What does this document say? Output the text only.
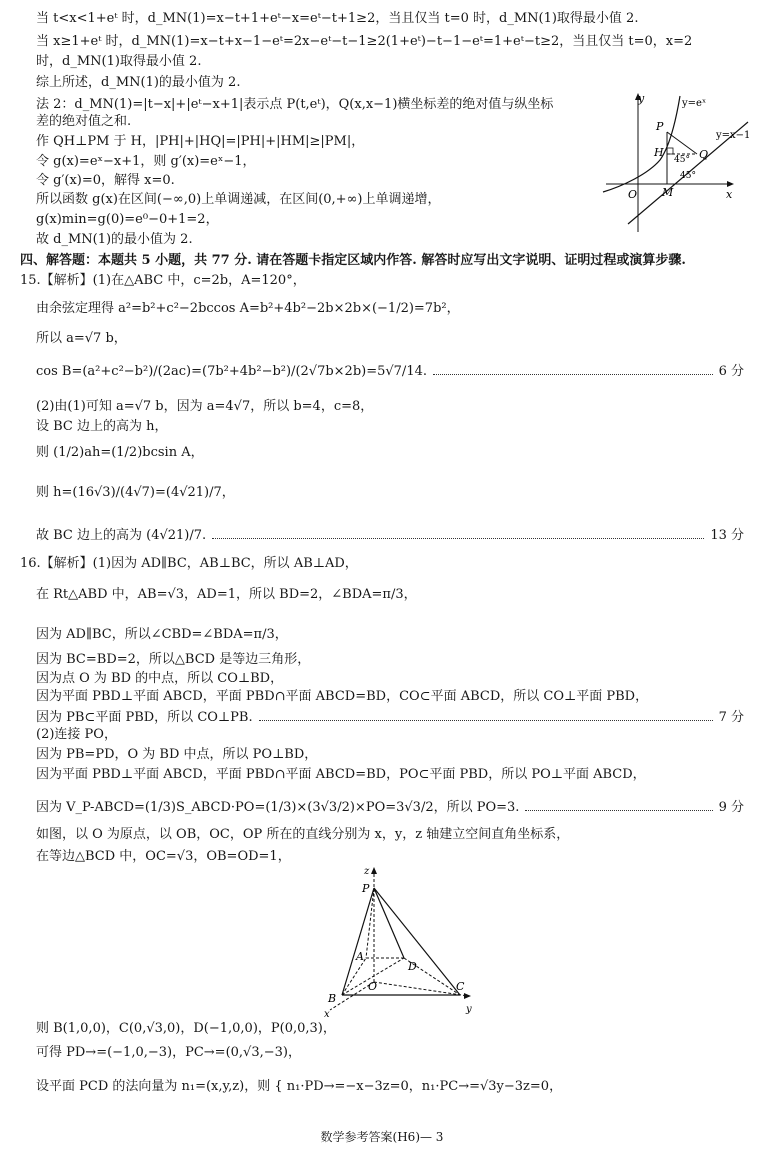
当 t<x<1+eᵗ 时，d_MN(1)=x−t+1+eᵗ−x=eᵗ−t+1≥2，当且仅当 t=0 时，d_MN(1)取得最小值 2.
当 x≥1+eᵗ 时，d_MN(1)=x−t+x−1−eᵗ=2x−eᵗ−t−1≥2(1+eᵗ)−t−1−eᵗ=1+eᵗ−t≥2，当且仅当 t=0，x=2
时，d_MN(1)取得最小值 2.
综上所述，d_MN(1)的最小值为 2.
法 2：d_MN(1)=|t−x|+|eᵗ−x+1|表示点 P(t,eᵗ)，Q(x,x−1)横坐标差的绝对值与纵坐标
差的绝对值之和.
作 QH⊥PM 于 H，|PH|+|HQ|=|PH|+|HM|≥|PM|，
令 g(x)=eˣ−x+1，则 g′(x)=eˣ−1，
令 g′(x)=0，解得 x=0.
所以函数 g(x)在区间(−∞,0)上单调递减，在区间(0,+∞)上单调递增，
g(x)min=g(0)=e⁰−0+1=2，
故 d_MN(1)的最小值为 2.
y
x
O
y=eˣ
y=x−1
P
H	Q
M
45°
45°
四、解答题：本题共 5 小题，共 77 分. 请在答题卡指定区域内作答. 解答时应写出文字说明、证明过程或演算步骤.
15.【解析】(1)在△ABC 中，c=2b，A=120°，
由余弦定理得 a²=b²+c²−2bccos A=b²+4b²−2b×2b×(−1/2)=7b²，
所以 a=√7 b，
cos B=(a²+c²−b²)/(2ac)=(7b²+4b²−b²)/(2√7b×2b)=5√7/14.	6 分
(2)由(1)可知 a=√7 b，因为 a=4√7，所以 b=4，c=8，
设 BC 边上的高为 h，
则 (1/2)ah=(1/2)bcsin A，
则 h=(16√3)/(4√7)=(4√21)/7，
故 BC 边上的高为 (4√21)/7.	13 分
16.【解析】(1)因为 AD∥BC，AB⊥BC，所以 AB⊥AD，
在 Rt△ABD 中，AB=√3，AD=1，所以 BD=2，∠BDA=π/3，
因为 AD∥BC，所以∠CBD=∠BDA=π/3，
因为 BC=BD=2，所以△BCD 是等边三角形，
因为点 O 为 BD 的中点，所以 CO⊥BD，
因为平面 PBD⊥平面 ABCD，平面 PBD∩平面 ABCD=BD，CO⊂平面 ABCD，所以 CO⊥平面 PBD，
因为 PB⊂平面 PBD，所以 CO⊥PB.	7 分
(2)连接 PO，
因为 PB=PD，O 为 BD 中点，所以 PO⊥BD，
因为平面 PBD⊥平面 ABCD，平面 PBD∩平面 ABCD=BD，PO⊂平面 PBD，所以 PO⊥平面 ABCD，
因为 V_P-ABCD=(1/3)S_ABCD·PO=(1/3)×(3√3/2)×PO=3√3/2，所以 PO=3.	9 分
如图，以 O 为原点，以 OB，OC，OP 所在的直线分别为 x，y，z 轴建立空间直角坐标系，
在等边△BCD 中，OC=√3，OB=OD=1，
z
P
A
D
O
B
C
x	y
则 B(1,0,0)，C(0,√3,0)，D(−1,0,0)，P(0,0,3)，
可得 PD→=(−1,0,−3)，PC→=(0,√3,−3)，
设平面 PCD 的法向量为 n₁=(x,y,z)，则 { n₁·PD→=−x−3z=0，n₁·PC→=√3y−3z=0，
数学参考答案(H6)— 3
